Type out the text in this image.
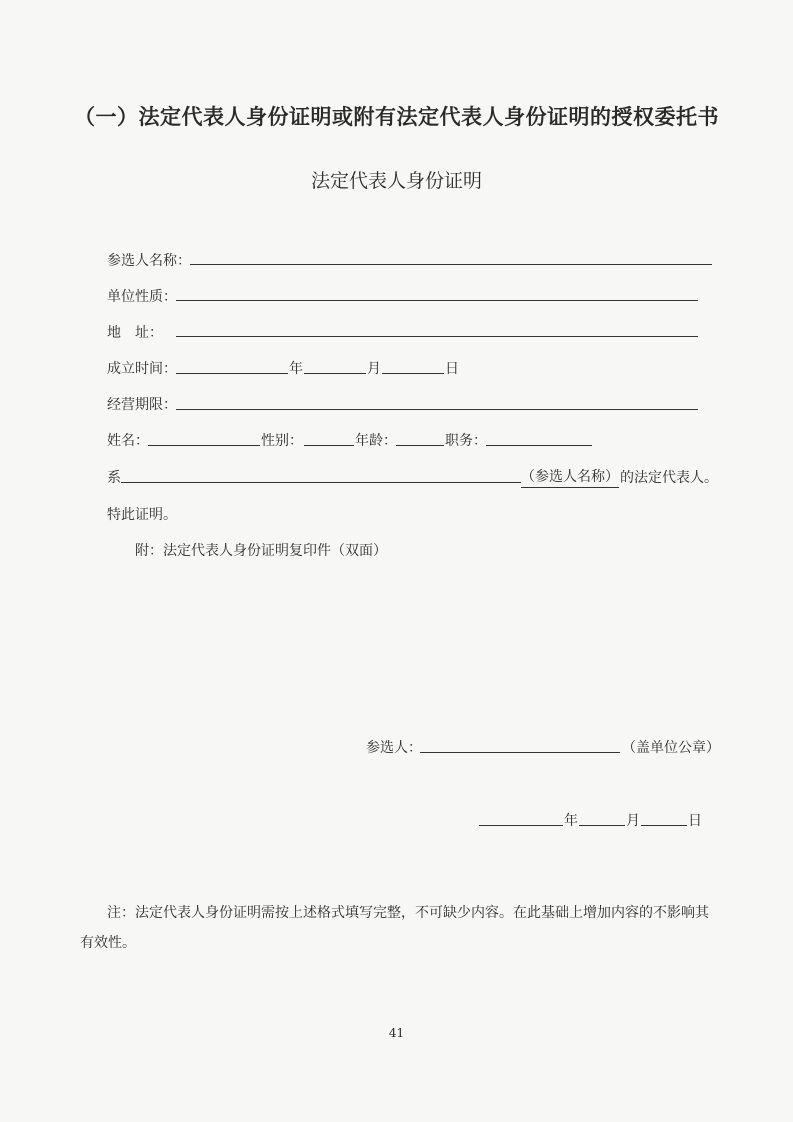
（一）法定代表人身份证明或附有法定代表人身份证明的授权委托书
法定代表人身份证明
参选人名称：
单位性质：
地　址：
成立时间：	年	月	日
经营期限：
姓名：	性别：	年龄：	职务：
系	（参选人名称） 的法定代表人。
特此证明。
附：法定代表人身份证明复印件（双面）
参选人：	（盖单位公章）
年	月	日
注：法定代表人身份证明需按上述格式填写完整，不可缺少内容。在此基础上增加内容的不影响其
有效性。
41
